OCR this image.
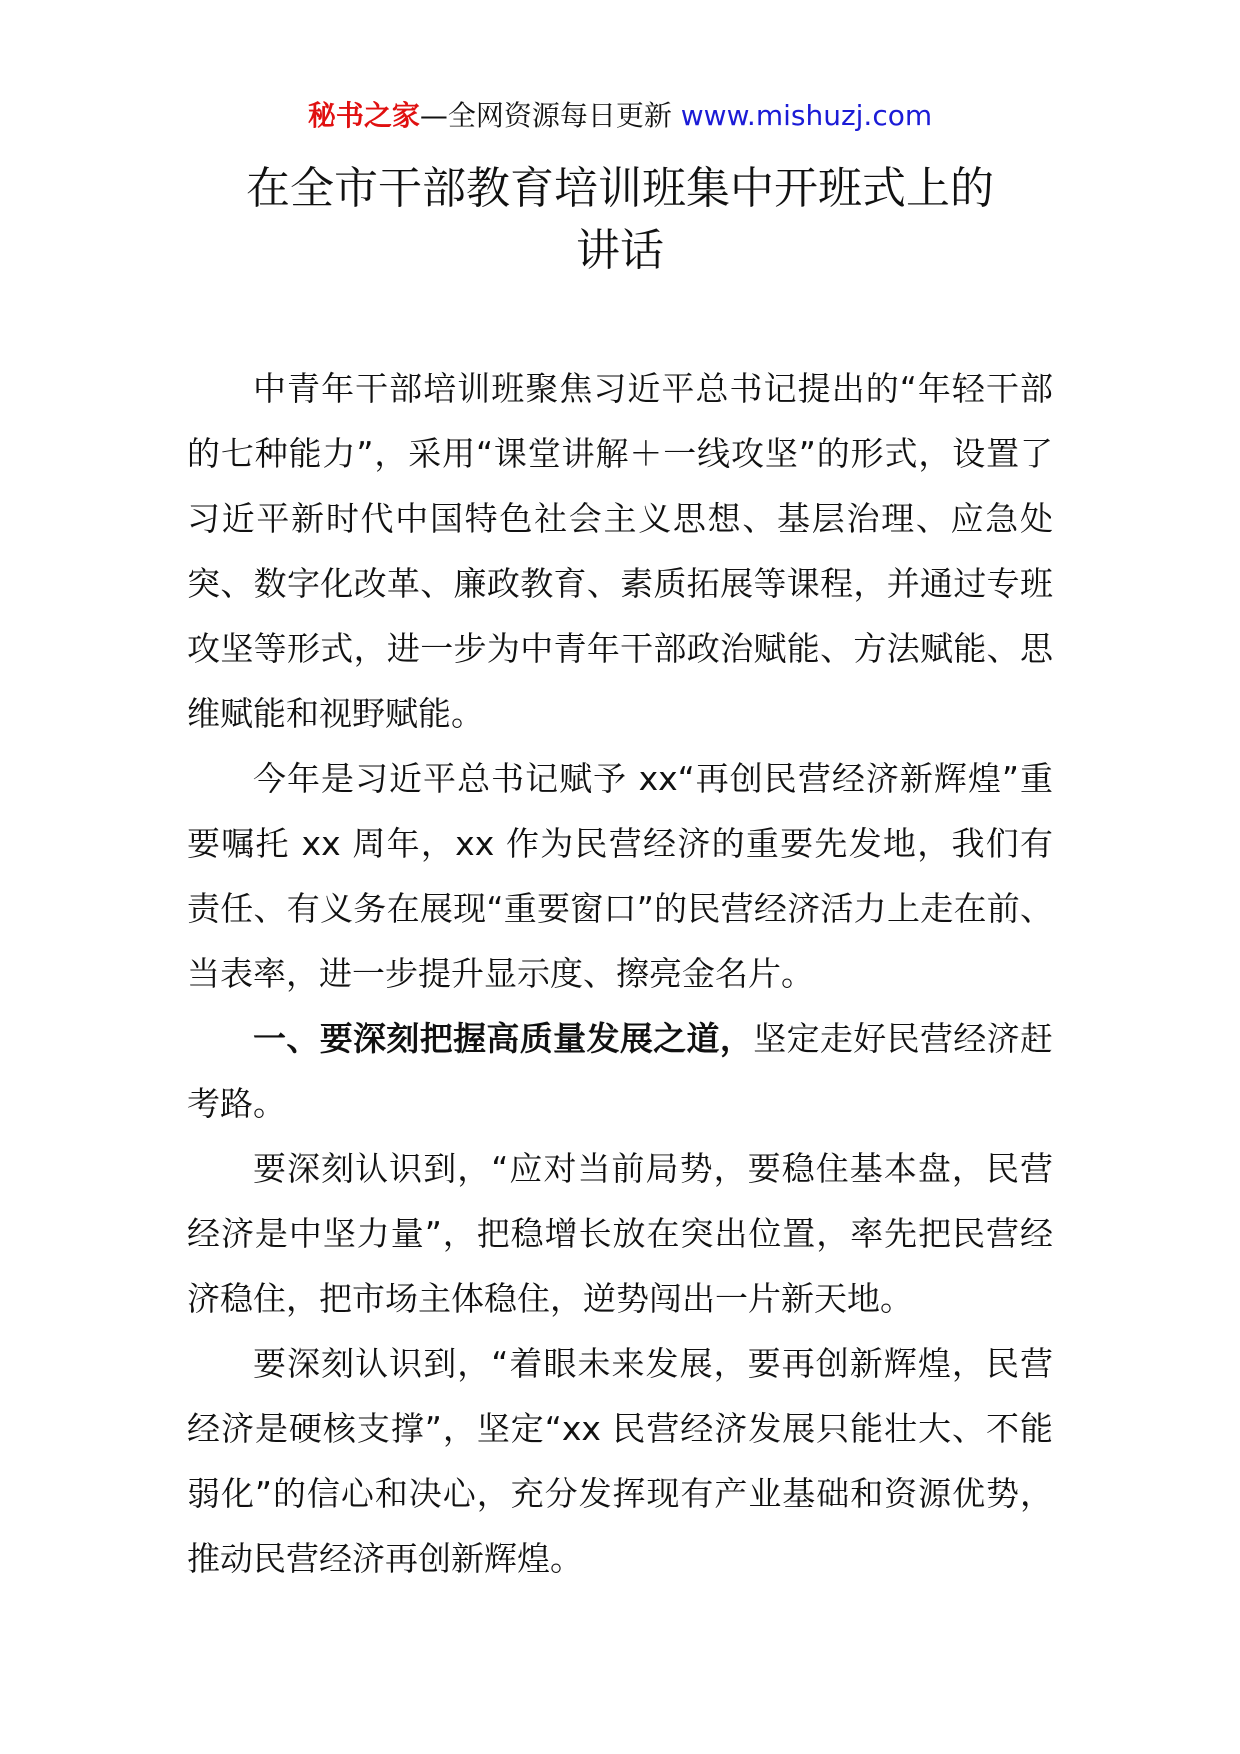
秘书之家—全网资源每日更新 www.mishuzj.com
在全市干部教育培训班集中开班式上的
讲话

中青年干部培训班聚焦习近平总书记提出的“年轻干部的七种能力”，采用“课堂讲解＋一线攻坚”的形式，设置了习近平新时代中国特色社会主义思想、基层治理、应急处突、数字化改革、廉政教育、素质拓展等课程，并通过专班攻坚等形式，进一步为中青年干部政治赋能、方法赋能、思维赋能和视野赋能。

今年是习近平总书记赋予 xx“再创民营经济新辉煌”重要嘱托 xx 周年，xx 作为民营经济的重要先发地，我们有责任、有义务在展现“重要窗口”的民营经济活力上走在前、当表率，进一步提升显示度、擦亮金名片。

一、要深刻把握高质量发展之道，坚定走好民营经济赶考路。

要深刻认识到，“应对当前局势，要稳住基本盘，民营经济是中坚力量”，把稳增长放在突出位置，率先把民营经济稳住，把市场主体稳住，逆势闯出一片新天地。

要深刻认识到，“着眼未来发展，要再创新辉煌，民营经济是硬核支撑”，坚定“xx 民营经济发展只能壮大、不能弱化”的信心和决心，充分发挥现有产业基础和资源优势，推动民营经济再创新辉煌。
